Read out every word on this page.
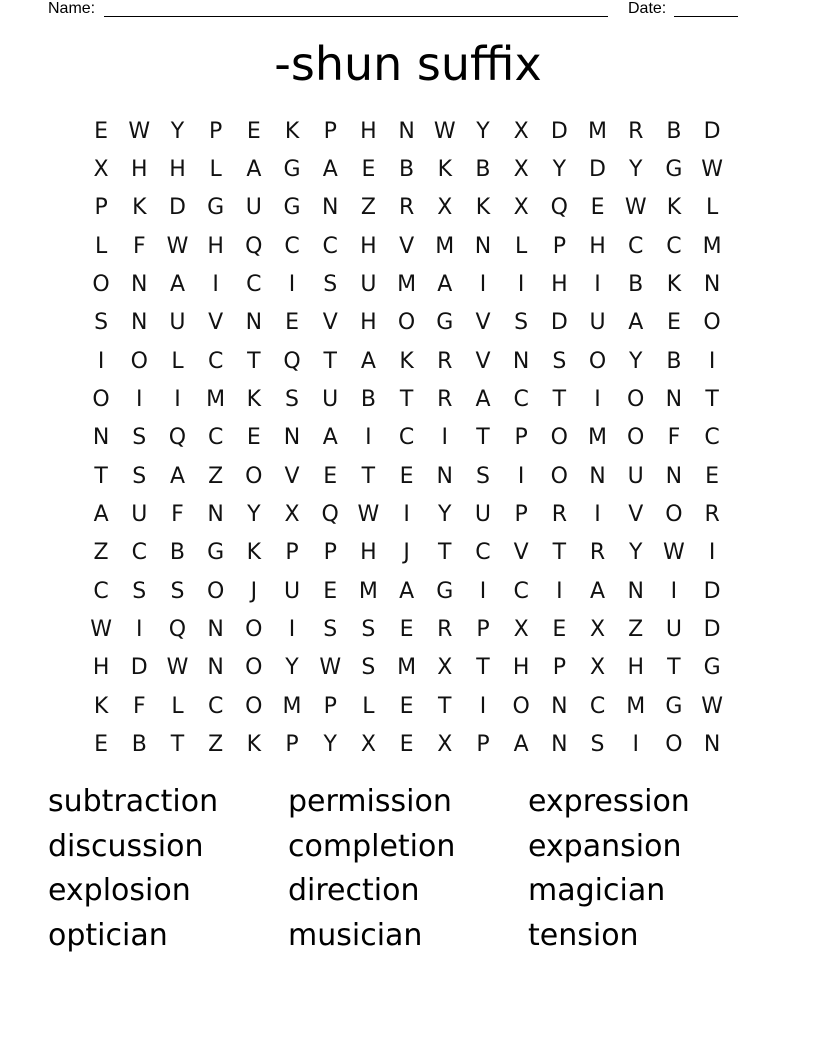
Name:	Date:
-shun suffix
E W Y	P	E	K	P	H N W Y	X	D M R	B	D
X	H H	L	A	G	A	E	B	K	B	X	Y	D	Y	G W
P	K	D G U G N	Z	R	X	K	X Q	E W K	L
L	F W H Q C	C	H	V M N	L	P	H	C	C M
O N	A	I	C	I	S	U M A	I	I	H	I	B	K	N
S	N U	V	N	E	V	H O G	V	S	D U	A	E	O
I	O	L	C	T	Q	T	A	K	R	V	N	S	O	Y	B	I
O	I	I	M K	S	U	B	T	R	A	C	T	I	O N	T
N	S	Q C	E	N	A	I	C	I	T	P	O M O	F	C
T	S	A	Z O	V	E	T	E	N	S	I	O N U N	E
A	U	F	N	Y	X Q W	I	Y	U	P	R	I	V O R
Z	C	B	G	K	P	P	H	J	T	C	V	T	R	Y W	I
C	S	S	O	J	U	E M A	G	I	C	I	A	N	I	D
W	I	Q N O	I	S	S	E	R	P	X	E	X	Z	U D
H D W N O	Y W S M X	T	H	P	X	H	T	G
K	F	L	C O M	P	L	E	T	I	O N	C M G W
E	B	T	Z	K	P	Y	X	E	X	P	A	N	S	I	O N
subtraction	permission	expression
discussion	completion	expansion
explosion	direction	magician
optician	musician	tension
